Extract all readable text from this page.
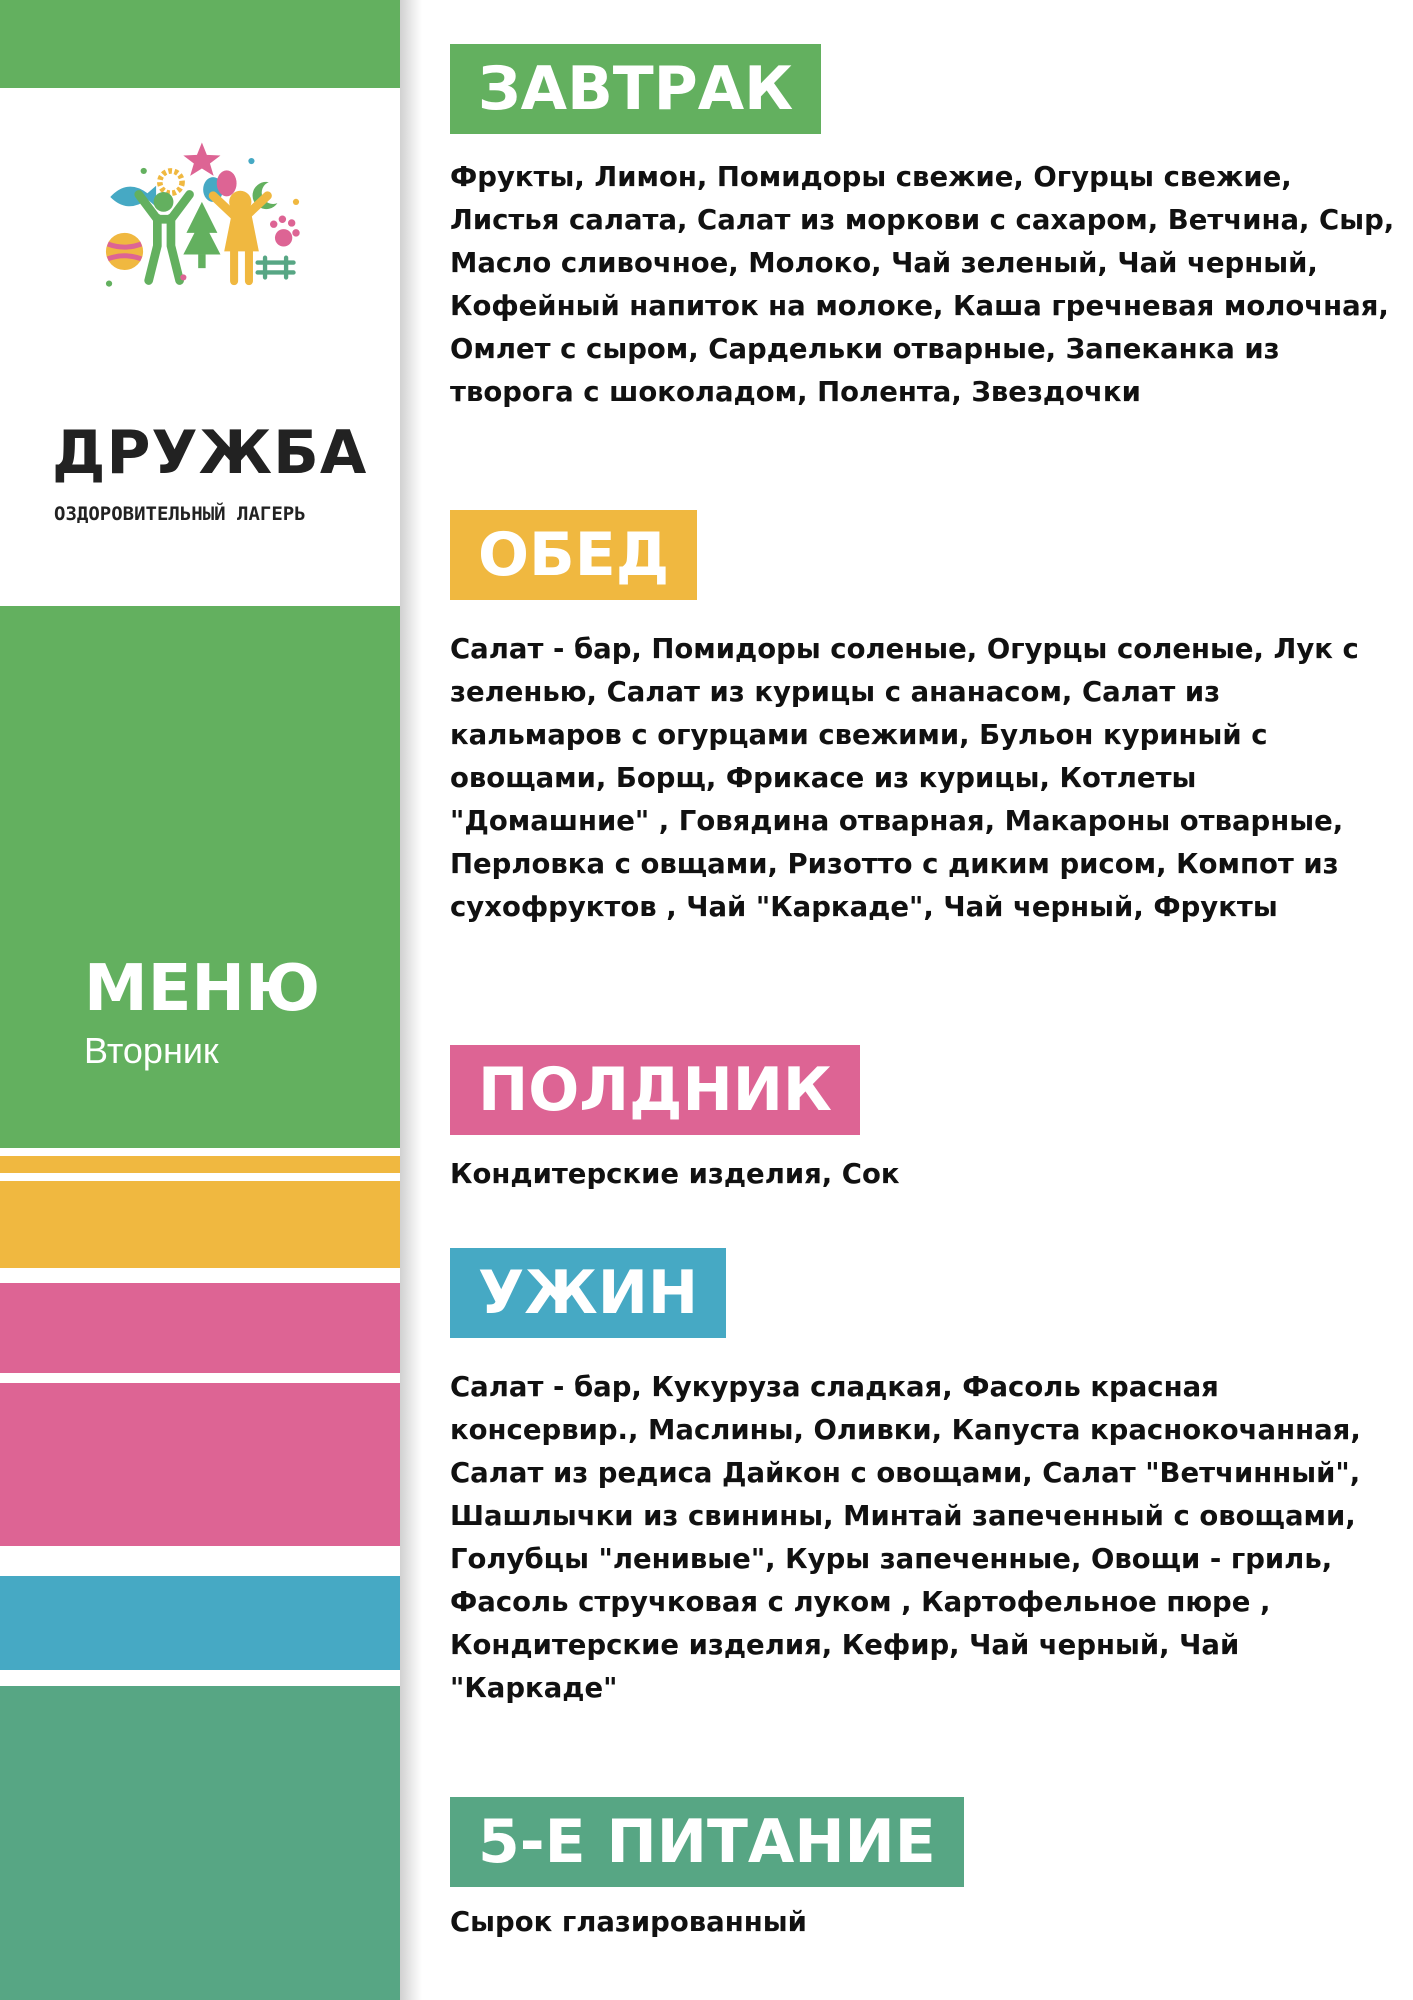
ДРУЖБА
ОЗДОРОВИТЕЛЬНЫЙ ЛАГЕРЬ
МЕНЮ
Вторник
ЗАВТРАК

Фрукты, Лимон, Помидоры свежие, Огурцы свежие, Листья салата, Салат из моркови с сахаром, Ветчина, Сыр, Масло сливочное, Молоко, Чай зеленый, Чай черный, Кофейный напиток на молоке, Каша гречневая молочная, Омлет с сыром, Сардельки отварные, Запеканка из творога с шоколадом, Полента, Звездочки

ОБЕД

Салат - бар, Помидоры соленые, Огурцы соленые, Лук с зеленью, Салат из курицы с ананасом, Салат из кальмаров с огурцами свежими, Бульон куриный с овощами, Борщ, Фрикасе из курицы, Котлеты "Домашние" , Говядина отварная, Макароны отварные, Перловка с овщами, Ризотто с диким рисом, Компот из сухофруктов , Чай "Каркаде", Чай черный, Фрукты

ПОЛДНИК

Кондитерские изделия, Сок

УЖИН

Салат - бар, Кукуруза сладкая, Фасоль красная консервир., Маслины, Оливки, Капуста краснокочанная, Салат из редиса Дайкон с овощами, Салат "Ветчинный", Шашлычки из свинины, Минтай запеченный с овощами, Голубцы "ленивые", Куры запеченные, Овощи - гриль, Фасоль стручковая с луком , Картофельное пюре , Кондитерские изделия, Кефир, Чай черный, Чай "Каркаде"

5-Е ПИТАНИЕ

Сырок глазированный
